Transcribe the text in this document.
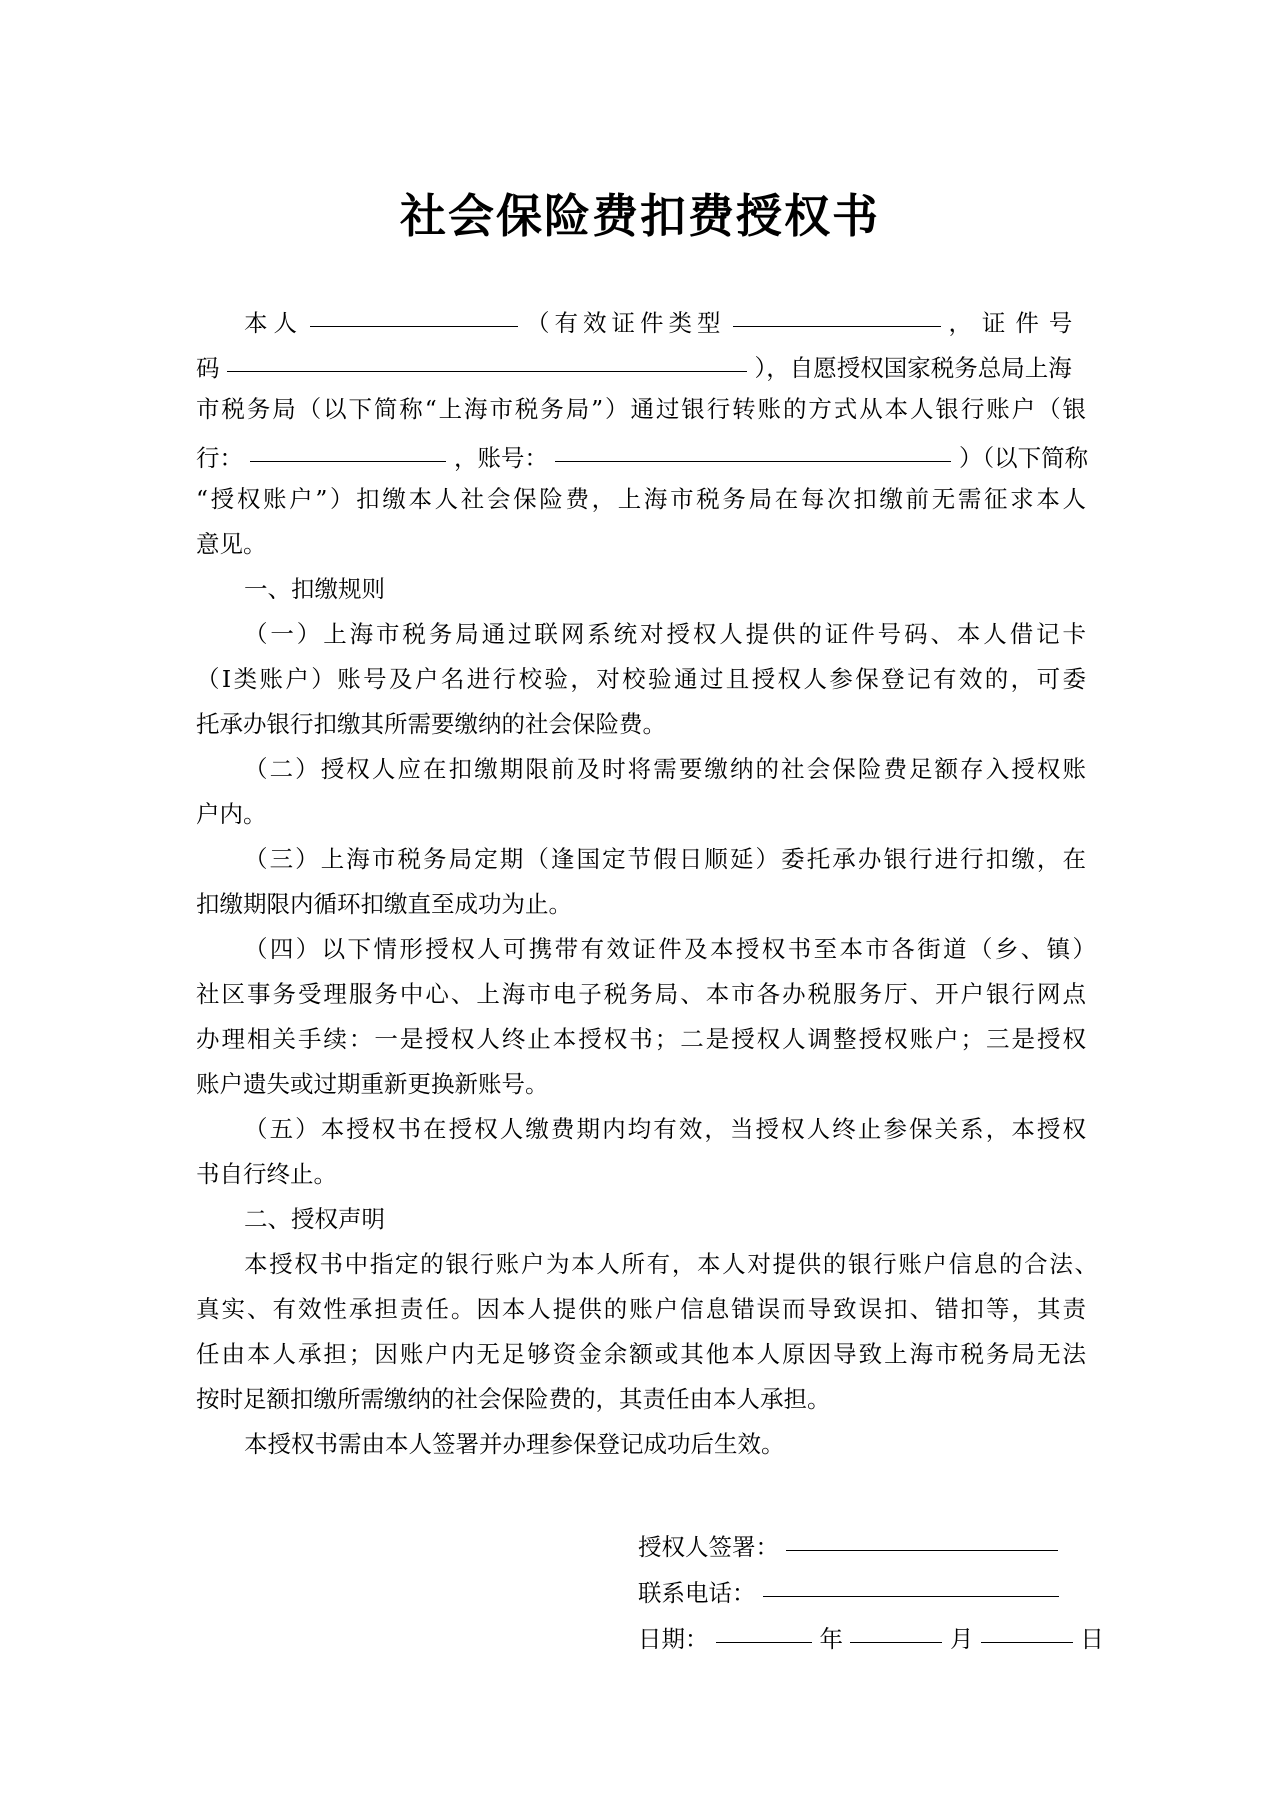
社会保险费扣费授权书
本人	（有效证件类型	，证件号
码	），自愿授权国家税务总局上海
市税务局（以下简称“上海市税务局”）通过银行转账的方式从本人银行账户（银
行：	，账号：	）（以下简称
“授权账户”）扣缴本人社会保险费，上海市税务局在每次扣缴前无需征求本人
意见。
一、扣缴规则
（一）上海市税务局通过联网系统对授权人提供的证件号码、本人借记卡
（Ⅰ类账户）账号及户名进行校验，对校验通过且授权人参保登记有效的，可委
托承办银行扣缴其所需要缴纳的社会保险费。
（二）授权人应在扣缴期限前及时将需要缴纳的社会保险费足额存入授权账
户内。
（三）上海市税务局定期（逢国定节假日顺延）委托承办银行进行扣缴，在
扣缴期限内循环扣缴直至成功为止。
（四）以下情形授权人可携带有效证件及本授权书至本市各街道（乡、镇）
社区事务受理服务中心、上海市电子税务局、本市各办税服务厅、开户银行网点
办理相关手续：一是授权人终止本授权书；二是授权人调整授权账户；三是授权
账户遗失或过期重新更换新账号。
（五）本授权书在授权人缴费期内均有效，当授权人终止参保关系，本授权
书自行终止。
二、授权声明
本授权书中指定的银行账户为本人所有，本人对提供的银行账户信息的合法、
真实、有效性承担责任。因本人提供的账户信息错误而导致误扣、错扣等，其责
任由本人承担；因账户内无足够资金余额或其他本人原因导致上海市税务局无法
按时足额扣缴所需缴纳的社会保险费的，其责任由本人承担。
本授权书需由本人签署并办理参保登记成功后生效。
授权人签署：
联系电话：
日期：	年	月	日
